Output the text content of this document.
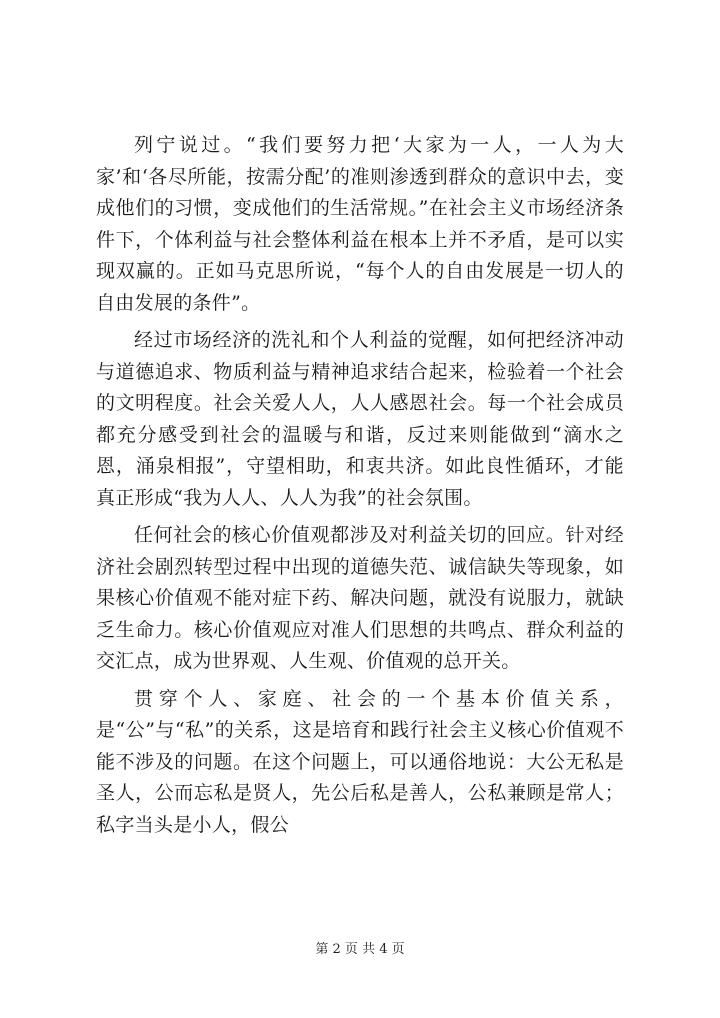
列宁说过。“我们要努力把‘大家为一人，一人为大家’和‘各尽所能，按需分配’的准则渗透到群众的意识中去，变成他们的习惯，变成他们的生活常规。”在社会主义市场经济条件下，个体利益与社会整体利益在根本上并不矛盾，是可以实现双赢的。正如马克思所说，“每个人的自由发展是一切人的自由发展的条件”。

经过市场经济的洗礼和个人利益的觉醒，如何把经济冲动与道德追求、物质利益与精神追求结合起来，检验着一个社会的文明程度。社会关爱人人，人人感恩社会。每一个社会成员都充分感受到社会的温暖与和谐，反过来则能做到“滴水之恩，涌泉相报”，守望相助，和衷共济。如此良性循环，才能真正形成“我为人人、人人为我”的社会氛围。

任何社会的核心价值观都涉及对利益关切的回应。针对经济社会剧烈转型过程中出现的道德失范、诚信缺失等现象，如果核心价值观不能对症下药、解决问题，就没有说服力，就缺乏生命力。核心价值观应对准人们思想的共鸣点、群众利益的交汇点，成为世界观、人生观、价值观的总开关。

贯穿个人、家庭、社会的一个基本价值关系，是“公”与“私”的关系，这是培育和践行社会主义核心价值观不能不涉及的问题。在这个问题上，可以通俗地说：大公无私是圣人，公而忘私是贤人，先公后私是善人，公私兼顾是常人；私字当头是小人，假公

第 2 页 共 4 页
